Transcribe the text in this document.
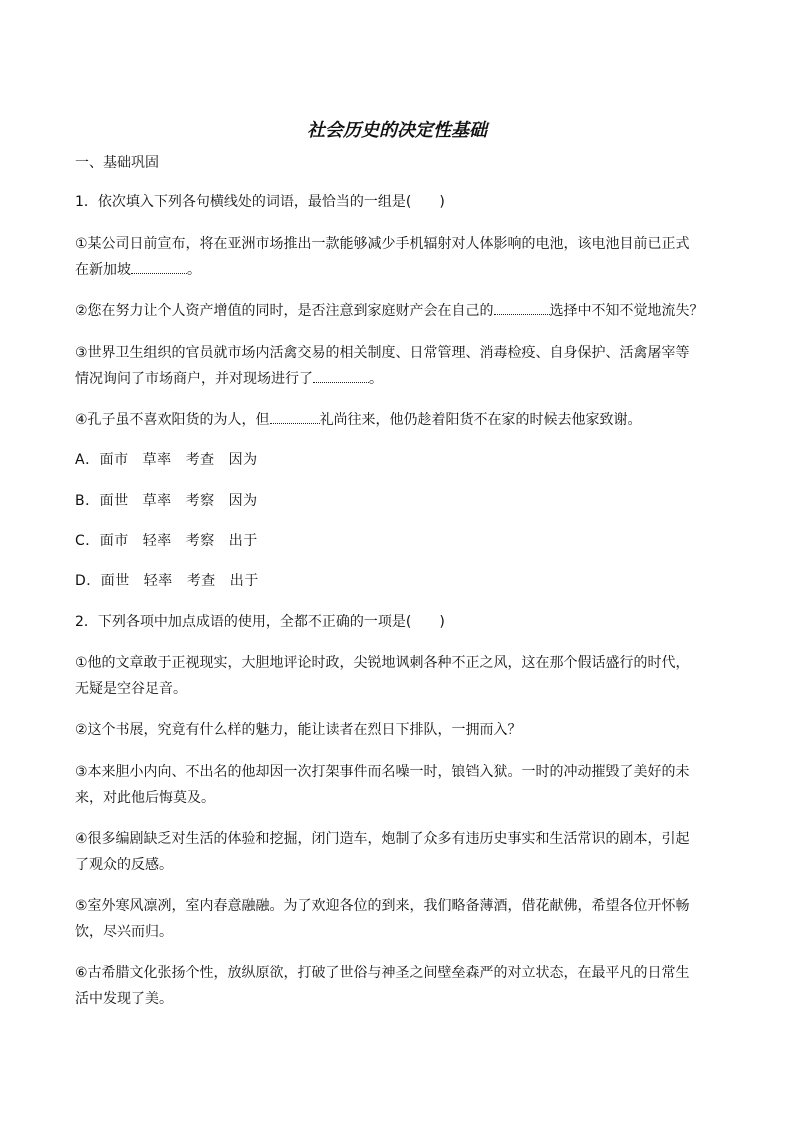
社会历史的决定性基础
一、基础巩固
1．依次填入下列各句横线处的词语，最恰当的一组是(　　)
①某公司日前宣布，将在亚洲市场推出一款能够减少手机辐射对人体影响的电池，该电池目前已正式
在新加坡	。
②您在努力让个人资产增值的同时，是否注意到家庭财产会在自己的	选择中不知不觉地流失？
③世界卫生组织的官员就市场内活禽交易的相关制度、日常管理、消毒检疫、自身保护、活禽屠宰等
情况询问了市场商户，并对现场进行了	。
④孔子虽不喜欢阳货的为人，但	礼尚往来，他仍趁着阳货不在家的时候去他家致谢。
A．面市 草率 考查 因为
B．面世 草率 考察 因为
C．面市 轻率 考察 出于
D．面世 轻率 考查 出于
2．下列各项中加点成语的使用，全都不正确的一项是(　　)
①他的文章敢于正视现实，大胆地评论时政，尖锐地讽刺各种不正之风，这在那个假话盛行的时代，
无疑是空谷足音。
②这个书展，究竟有什么样的魅力，能让读者在烈日下排队，一拥而入？
③本来胆小内向、不出名的他却因一次打架事件而名噪一时，锒铛入狱。一时的冲动摧毁了美好的未
来，对此他后悔莫及。
④很多编剧缺乏对生活的体验和挖掘，闭门造车，炮制了众多有违历史事实和生活常识的剧本，引起
了观众的反感。
⑤室外寒风凛冽，室内春意融融。为了欢迎各位的到来，我们略备薄酒，借花献佛，希望各位开怀畅
饮，尽兴而归。
⑥古希腊文化张扬个性，放纵原欲，打破了世俗与神圣之间壁垒森严的对立状态，在最平凡的日常生
活中发现了美。
